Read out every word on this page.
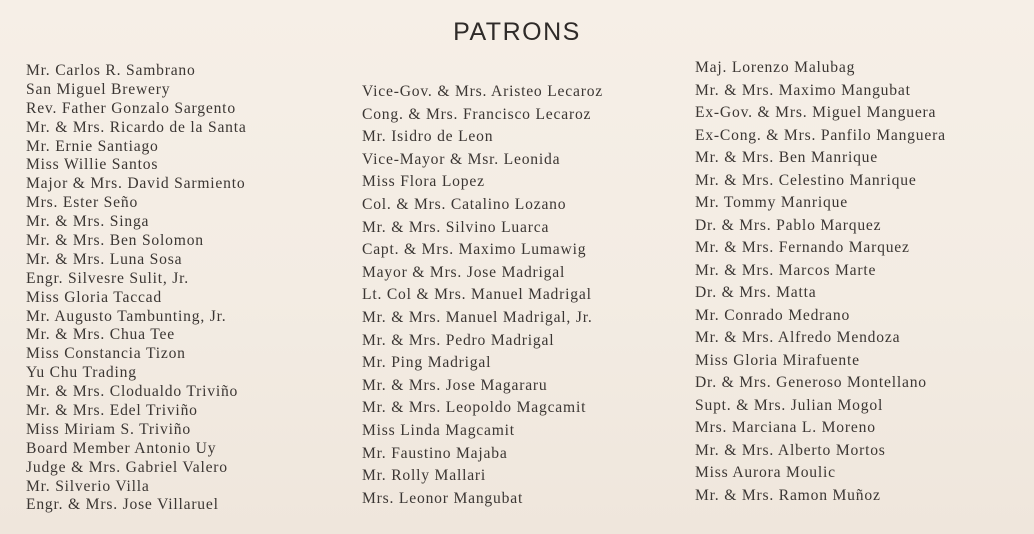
PATRONS
Mr. Carlos R. Sambrano
San Miguel Brewery
Rev. Father Gonzalo Sargento
Mr. & Mrs. Ricardo de la Santa
Mr. Ernie Santiago
Miss Willie Santos
Major & Mrs. David Sarmiento
Mrs. Ester Seño
Mr. & Mrs. Singa
Mr. & Mrs. Ben Solomon
Mr. & Mrs. Luna Sosa
Engr. Silvesre Sulit, Jr.
Miss Gloria Taccad
Mr. Augusto Tambunting, Jr.
Mr. & Mrs. Chua Tee
Miss Constancia Tizon
Yu Chu Trading
Mr. & Mrs. Clodualdo Triviño
Mr. & Mrs. Edel Triviño
Miss Miriam S. Triviño
Board Member Antonio Uy
Judge & Mrs. Gabriel Valero
Mr. Silverio Villa
Engr. & Mrs. Jose Villaruel
Vice-Gov. & Mrs. Aristeo Lecaroz
Cong. & Mrs. Francisco Lecaroz
Mr. Isidro de Leon
Vice-Mayor & Msr. Leonida
Miss Flora Lopez
Col. & Mrs. Catalino Lozano
Mr. & Mrs. Silvino Luarca
Capt. & Mrs. Maximo Lumawig
Mayor & Mrs. Jose Madrigal
Lt. Col & Mrs. Manuel Madrigal
Mr. & Mrs. Manuel Madrigal, Jr.
Mr. & Mrs. Pedro Madrigal
Mr. Ping Madrigal
Mr. & Mrs. Jose Magararu
Mr. & Mrs. Leopoldo Magcamit
Miss Linda Magcamit
Mr. Faustino Majaba
Mr. Rolly Mallari
Mrs. Leonor Mangubat
Maj. Lorenzo Malubag
Mr. & Mrs. Maximo Mangubat
Ex-Gov. & Mrs. Miguel Manguera
Ex-Cong. & Mrs. Panfilo Manguera
Mr. & Mrs. Ben Manrique
Mr. & Mrs. Celestino Manrique
Mr. Tommy Manrique
Dr. & Mrs. Pablo Marquez
Mr. & Mrs. Fernando Marquez
Mr. & Mrs. Marcos Marte
Dr. & Mrs. Matta
Mr. Conrado Medrano
Mr. & Mrs. Alfredo Mendoza
Miss Gloria Mirafuente
Dr. & Mrs. Generoso Montellano
Supt. & Mrs. Julian Mogol
Mrs. Marciana L. Moreno
Mr. & Mrs. Alberto Mortos
Miss Aurora Moulic
Mr. & Mrs. Ramon Muñoz
